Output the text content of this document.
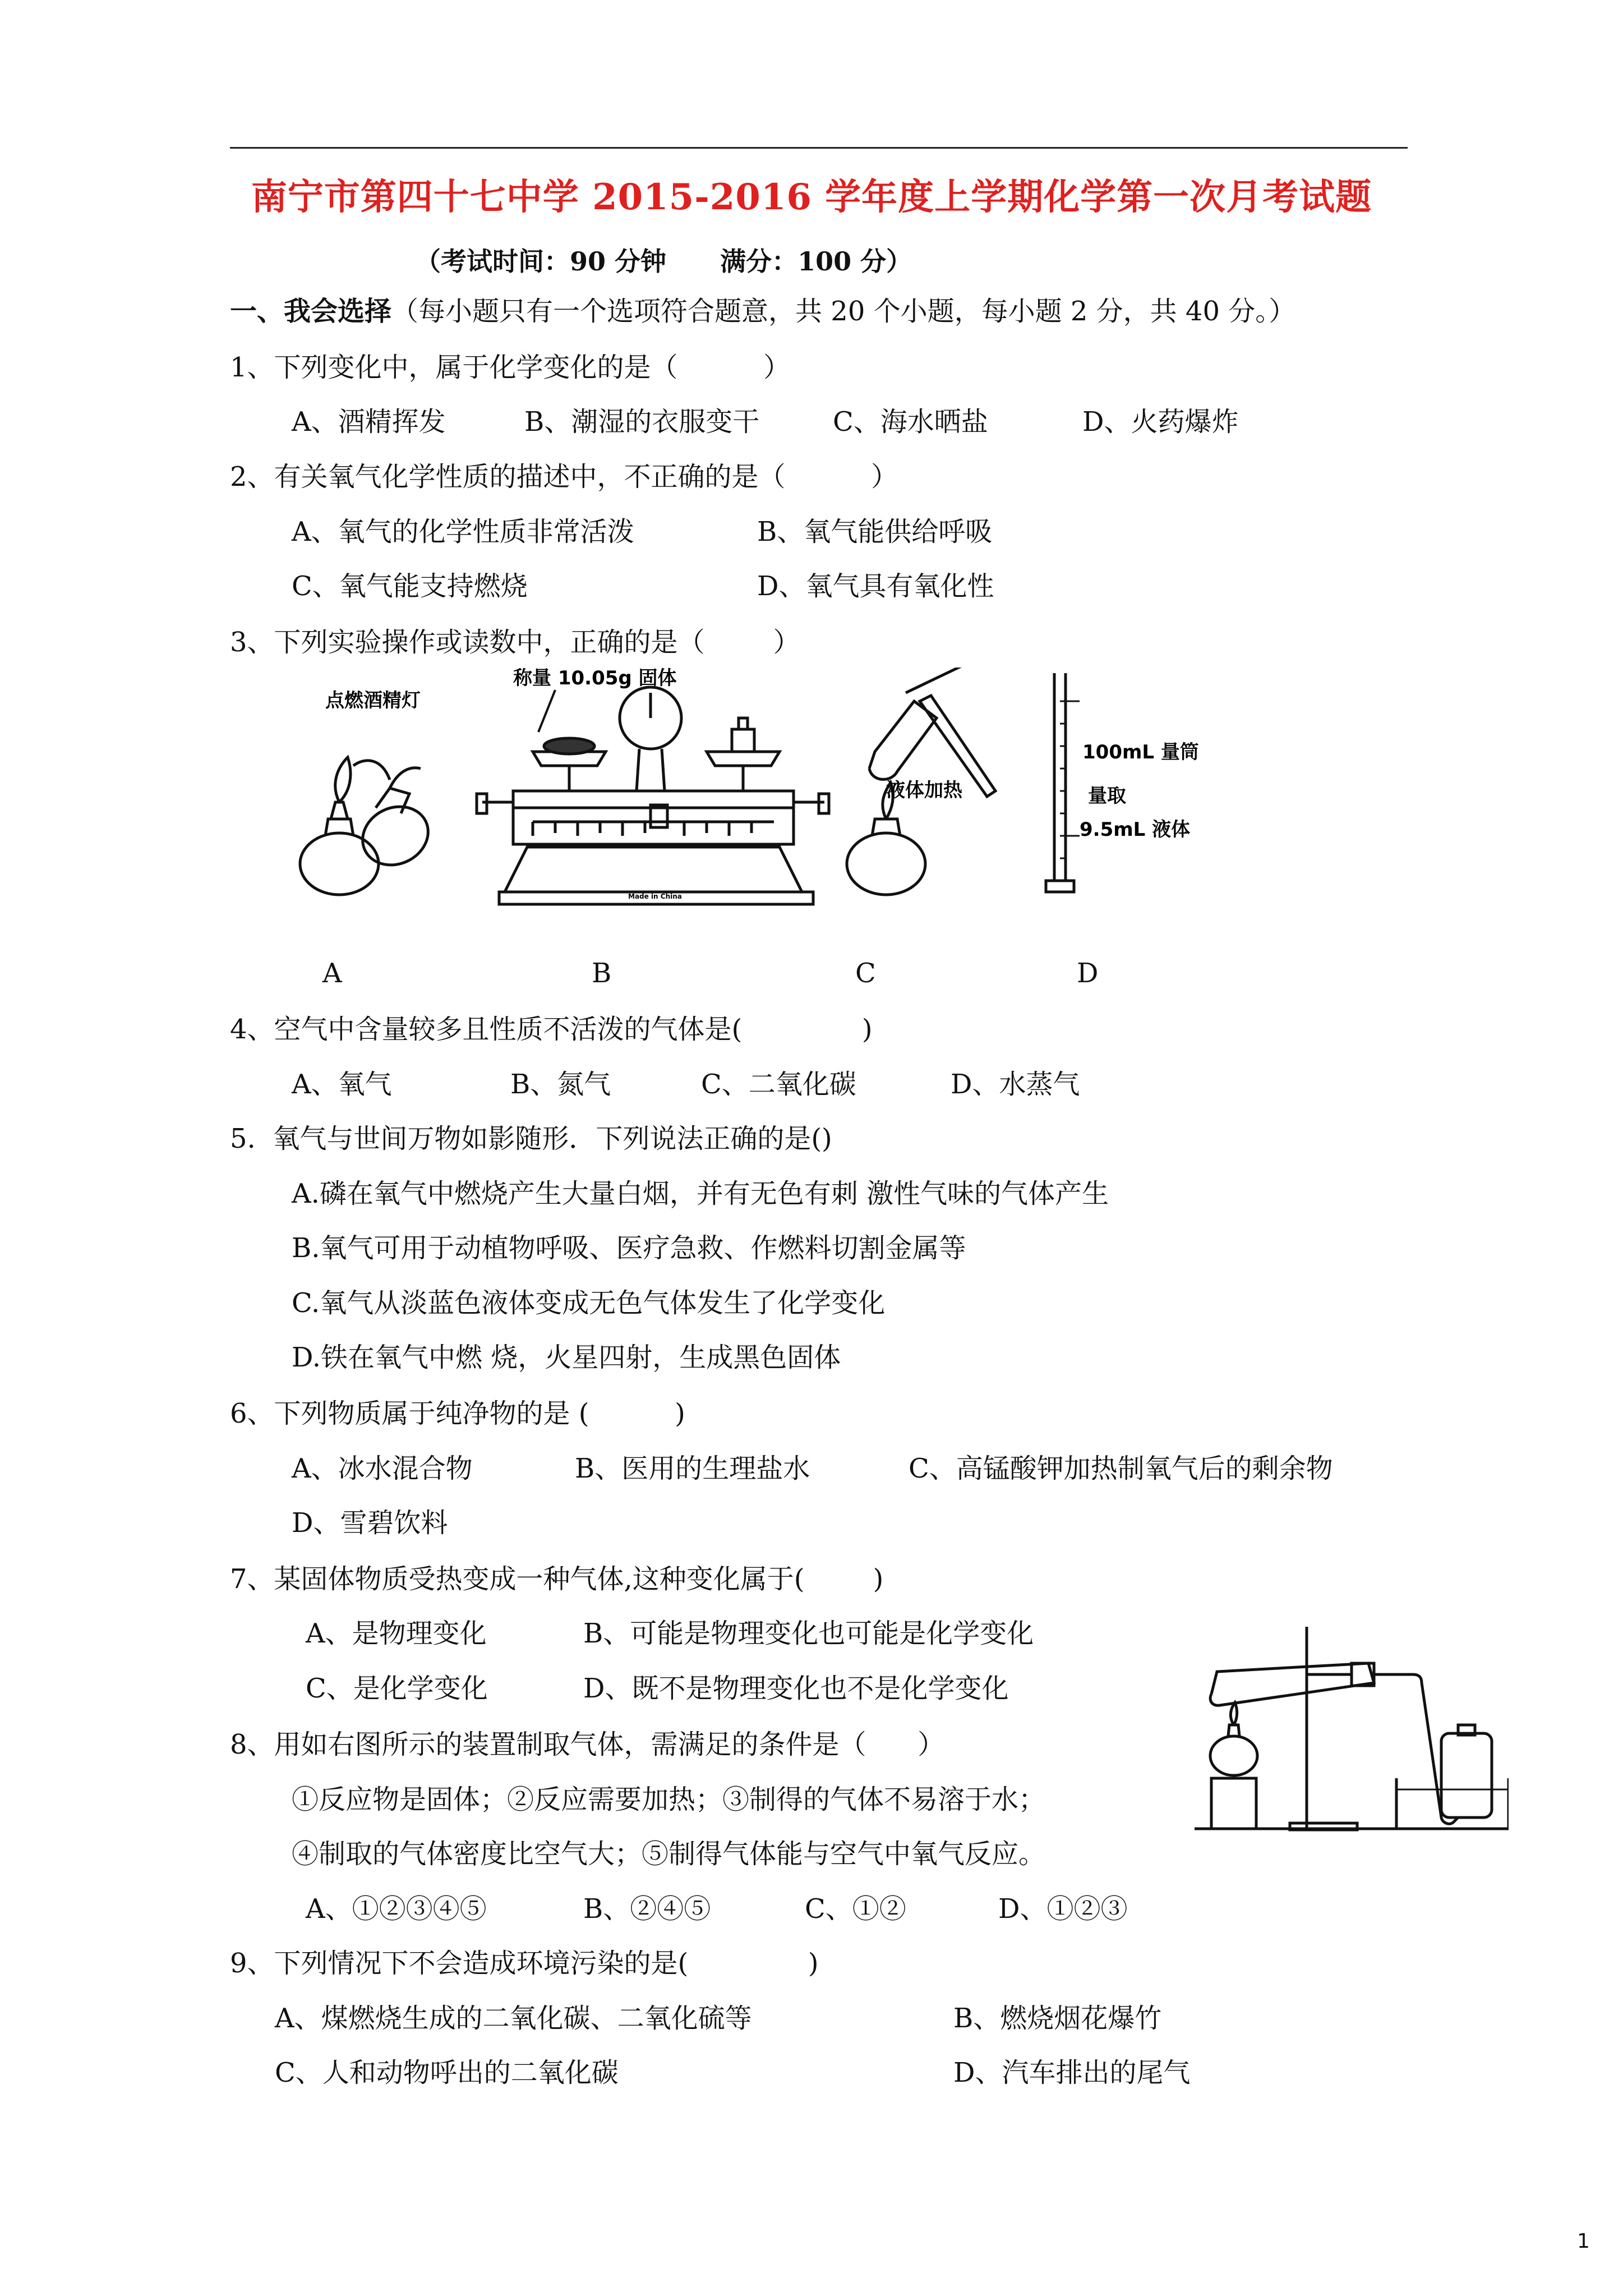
南宁市第四十七中学 2015-2016 学年度上学期化学第一次月考试题
（考试时间：90 分钟      满分：100 分）
一、我会选择（每小题只有一个选项符合题意，共 20 个小题，每小题 2 分，共 40 分。）
1、下列变化中，属于化学变化的是（          ）
A、酒精挥发	B、潮湿的衣服变干	C、海水晒盐	D、火药爆炸
2、有关氧气化学性质的描述中，不正确的是（          ）
A、氧气的化学性质非常活泼	B、氧气能供给呼吸
C、氧气能支持燃烧	D、氧气具有氧化性
3、下列实验操作或读数中，正确的是（        ）
点燃酒精灯
称量 10.05g 固体
Made in China
液体加热
100mL 量筒
量取
9.5mL 液体
A	B	C	D
4、空气中含量较多且性质不活泼的气体是(              )
A、氧气	B、氮气	C、二氧化碳	D、水蒸气
5.  氧气与世间万物如影随形．下列说法正确的是()
A.磷在氧气中燃烧产生大量白烟，并有无色有刺 激性气味的气体产生
B.氧气可用于动植物呼吸、医疗急救、作燃料切割金属等
C.氧气从淡蓝色液体变成无色气体发生了化学变化
D.铁在氧气中燃 烧，火星四射，生成黑色固体
6、下列物质属于纯净物的是 (          )
A、冰水混合物	B、医用的生理盐水	C、高锰酸钾加热制氧气后的剩余物
D、雪碧饮料
7、某固体物质受热变成一种气体,这种变化属于(        )
A、是物理变化	B、可能是物理变化也可能是化学变化
C、是化学变化	D、既不是物理变化也不是化学变化
8、用如右图所示的装置制取气体，需满足的条件是（      ）
①反应物是固体；②反应需要加热；③制得的气体不易溶于水；
④制取的气体密度比空气大；⑤制得气体能与空气中氧气反应。
A、①②③④⑤	B、②④⑤	C、①②	D、①②③
9、下列情况下不会造成环境污染的是(              )
A、煤燃烧生成的二氧化碳、二氧化硫等	B、燃烧烟花爆竹
C、人和动物呼出的二氧化碳	D、汽车排出的尾气
1
